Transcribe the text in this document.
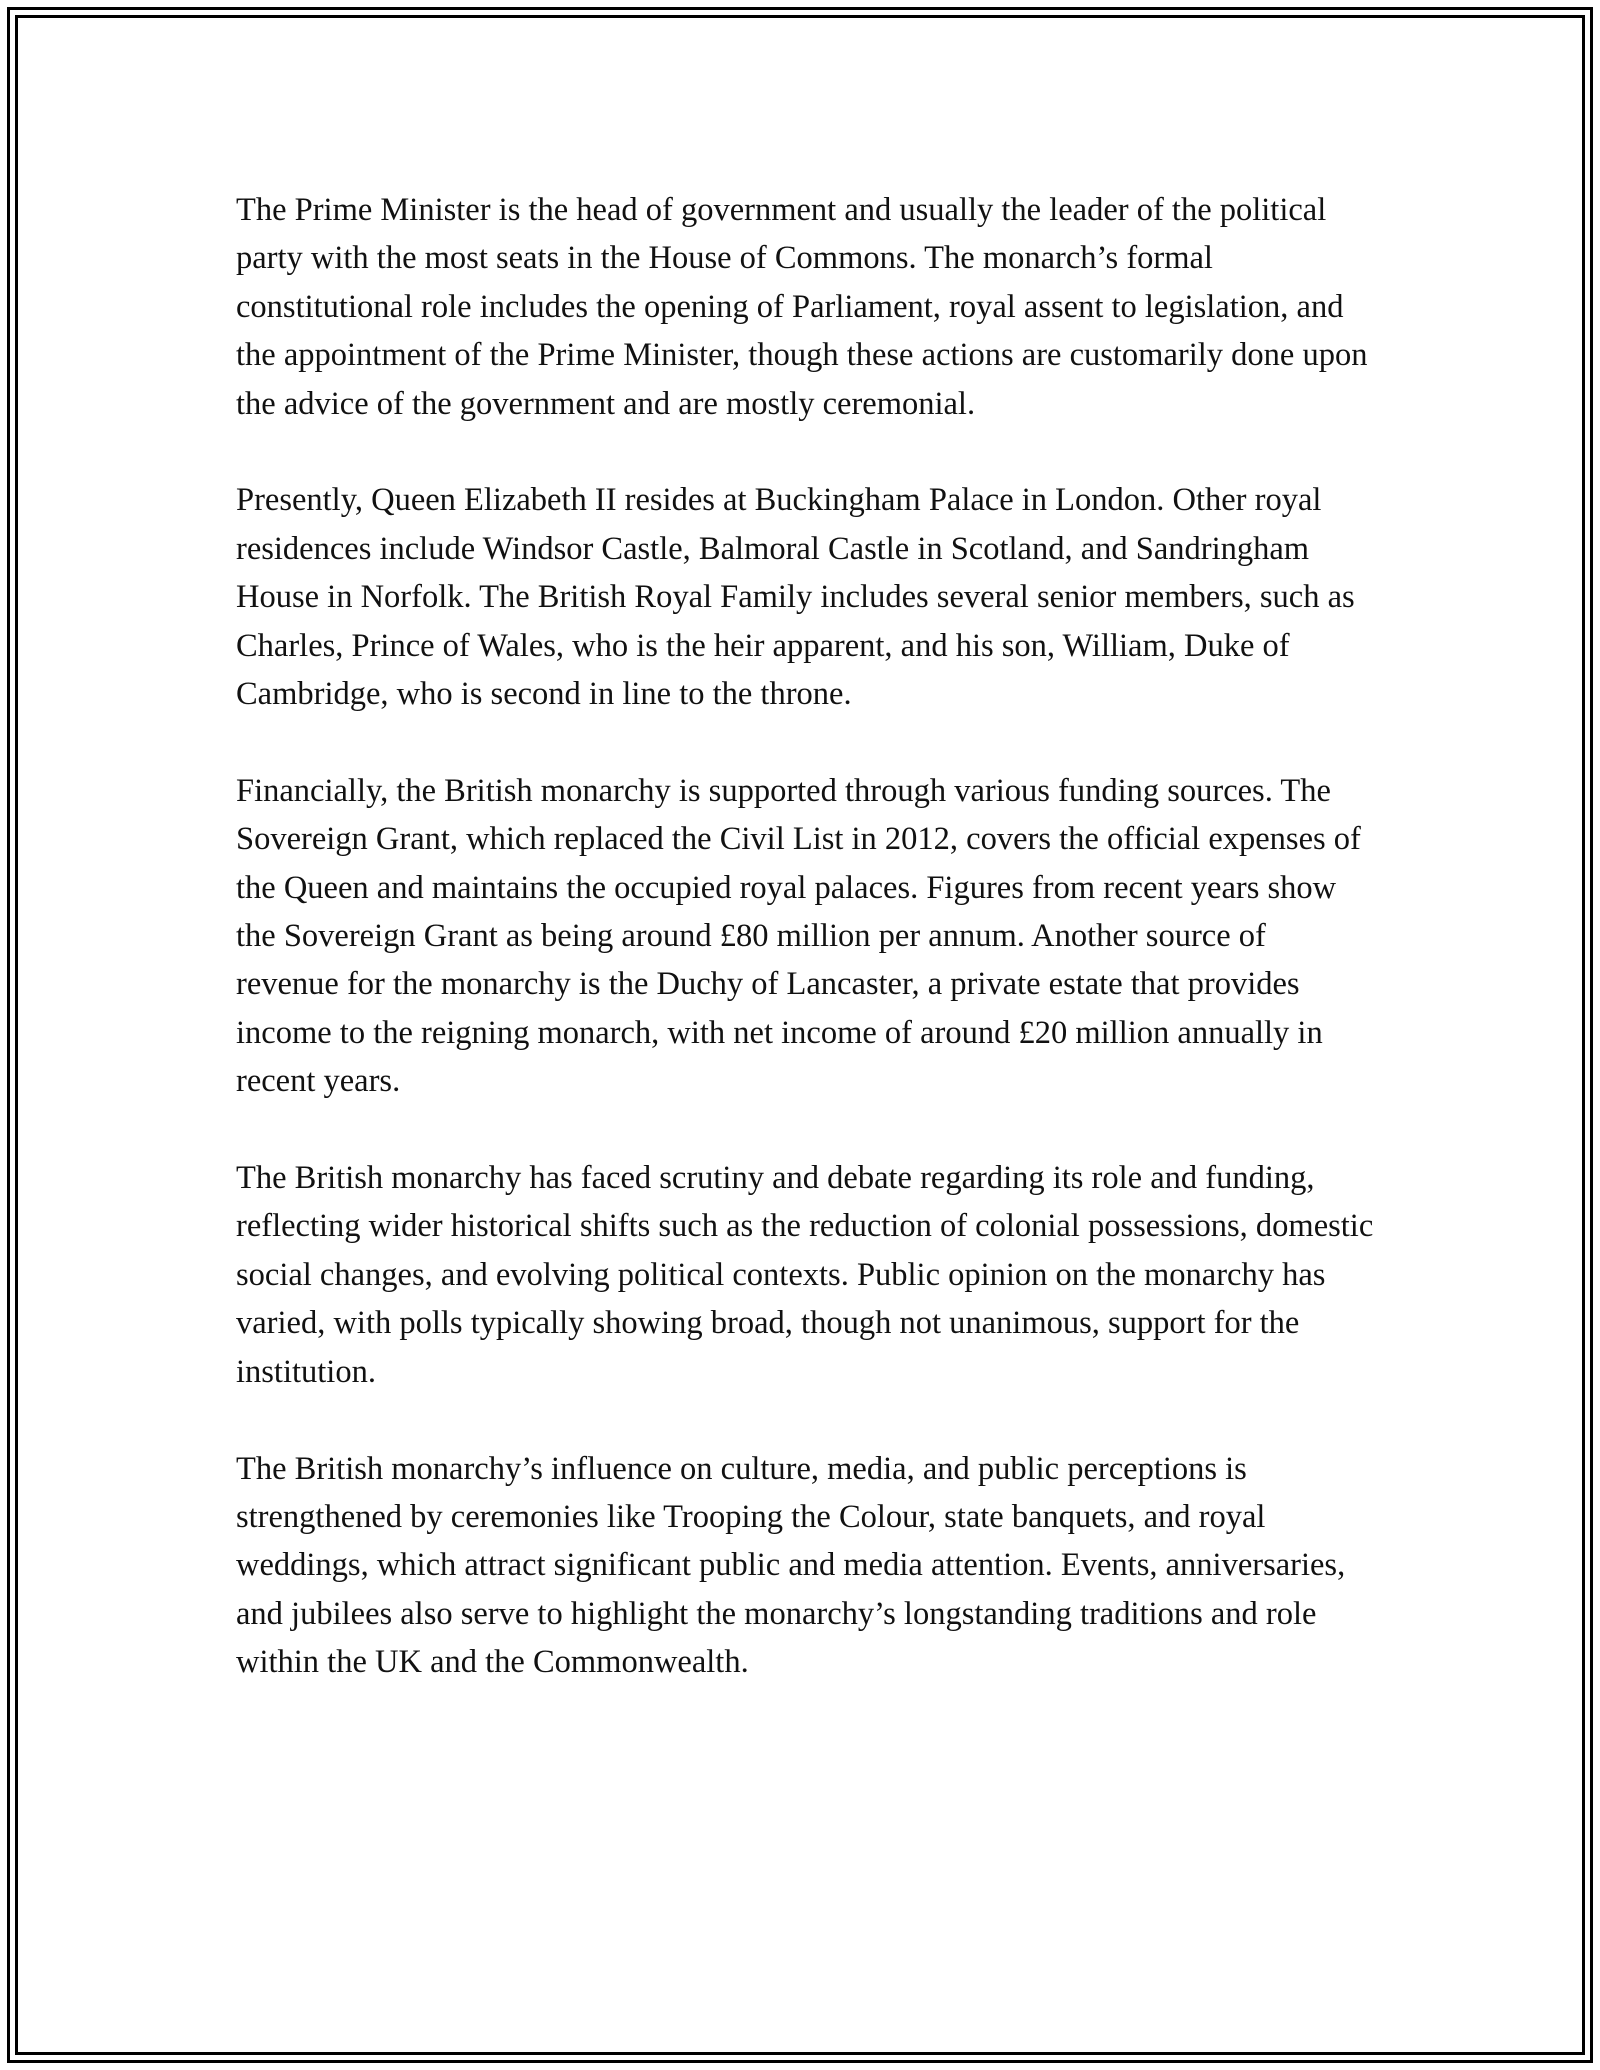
The Prime Minister is the head of government and usually the leader of the political party with the most seats in the House of Commons. The monarch’s formal constitutional role includes the opening of Parliament, royal assent to legislation, and the appointment of the Prime Minister, though these actions are customarily done upon the advice of the government and are mostly ceremonial.

Presently, Queen Elizabeth II resides at Buckingham Palace in London. Other royal residences include Windsor Castle, Balmoral Castle in Scotland, and Sandringham House in Norfolk. The British Royal Family includes several senior members, such as Charles, Prince of Wales, who is the heir apparent, and his son, William, Duke of Cambridge, who is second in line to the throne.

Financially, the British monarchy is supported through various funding sources. The Sovereign Grant, which replaced the Civil List in 2012, covers the official expenses of the Queen and maintains the occupied royal palaces. Figures from recent years show the Sovereign Grant as being around £80 million per annum. Another source of revenue for the monarchy is the Duchy of Lancaster, a private estate that provides income to the reigning monarch, with net income of around £20 million annually in recent years.

The British monarchy has faced scrutiny and debate regarding its role and funding, reflecting wider historical shifts such as the reduction of colonial possessions, domestic social changes, and evolving political contexts. Public opinion on the monarchy has varied, with polls typically showing broad, though not unanimous, support for the institution.

The British monarchy’s influence on culture, media, and public perceptions is strengthened by ceremonies like Trooping the Colour, state banquets, and royal weddings, which attract significant public and media attention. Events, anniversaries, and jubilees also serve to highlight the monarchy’s longstanding traditions and role within the UK and the Commonwealth.
